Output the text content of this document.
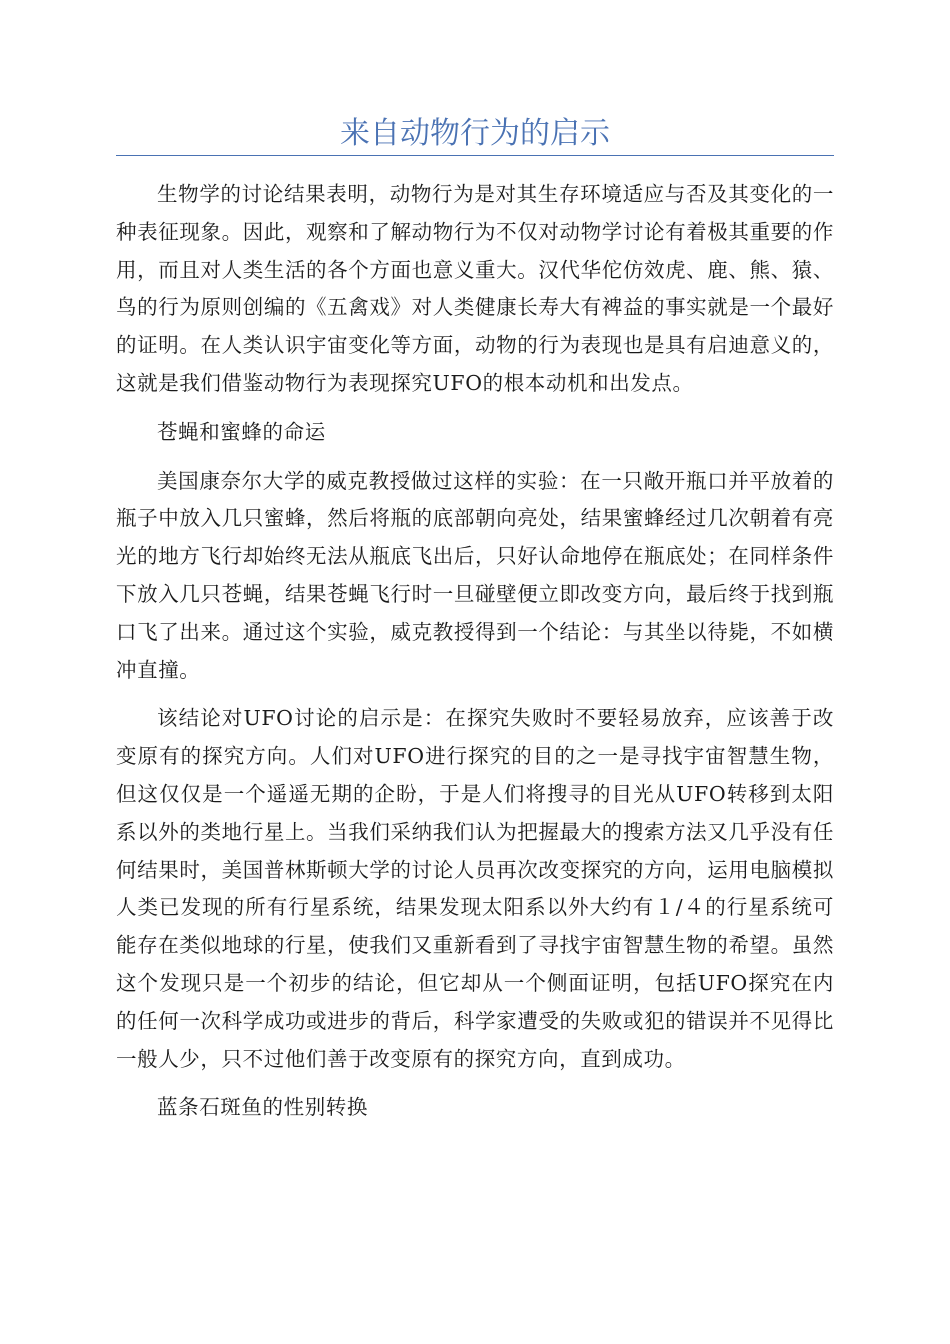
来自动物行为的启示

生物学的讨论结果表明，动物行为是对其生存环境适应与否及其变化的一种表征现象。因此，观察和了解动物行为不仅对动物学讨论有着极其重要的作用，而且对人类生活的各个方面也意义重大。汉代华佗仿效虎、鹿、熊、猿、鸟的行为原则创编的《五禽戏》对人类健康长寿大有裨益的事实就是一个最好的证明。在人类认识宇宙变化等方面，动物的行为表现也是具有启迪意义的，这就是我们借鉴动物行为表现探究UFO的根本动机和出发点。

苍蝇和蜜蜂的命运

美国康奈尔大学的威克教授做过这样的实验：在一只敞开瓶口并平放着的瓶子中放入几只蜜蜂，然后将瓶的底部朝向亮处，结果蜜蜂经过几次朝着有亮光的地方飞行却始终无法从瓶底飞出后，只好认命地停在瓶底处；在同样条件下放入几只苍蝇，结果苍蝇飞行时一旦碰壁便立即改变方向，最后终于找到瓶口飞了出来。通过这个实验，威克教授得到一个结论：与其坐以待毙，不如横冲直撞。

该结论对UFO讨论的启示是：在探究失败时不要轻易放弃，应该善于改变原有的探究方向。人们对UFO进行探究的目的之一是寻找宇宙智慧生物，但这仅仅是一个遥遥无期的企盼，于是人们将搜寻的目光从UFO转移到太阳系以外的类地行星上。当我们采纳我们认为把握最大的搜索方法又几乎没有任何结果时，美国普林斯顿大学的讨论人员再次改变探究的方向，运用电脑模拟人类已发现的所有行星系统，结果发现太阳系以外大约有１/４的行星系统可能存在类似地球的行星，使我们又重新看到了寻找宇宙智慧生物的希望。虽然这个发现只是一个初步的结论，但它却从一个侧面证明，包括UFO探究在内的任何一次科学成功或进步的背后，科学家遭受的失败或犯的错误并不见得比一般人少，只不过他们善于改变原有的探究方向，直到成功。

蓝条石斑鱼的性别转换
